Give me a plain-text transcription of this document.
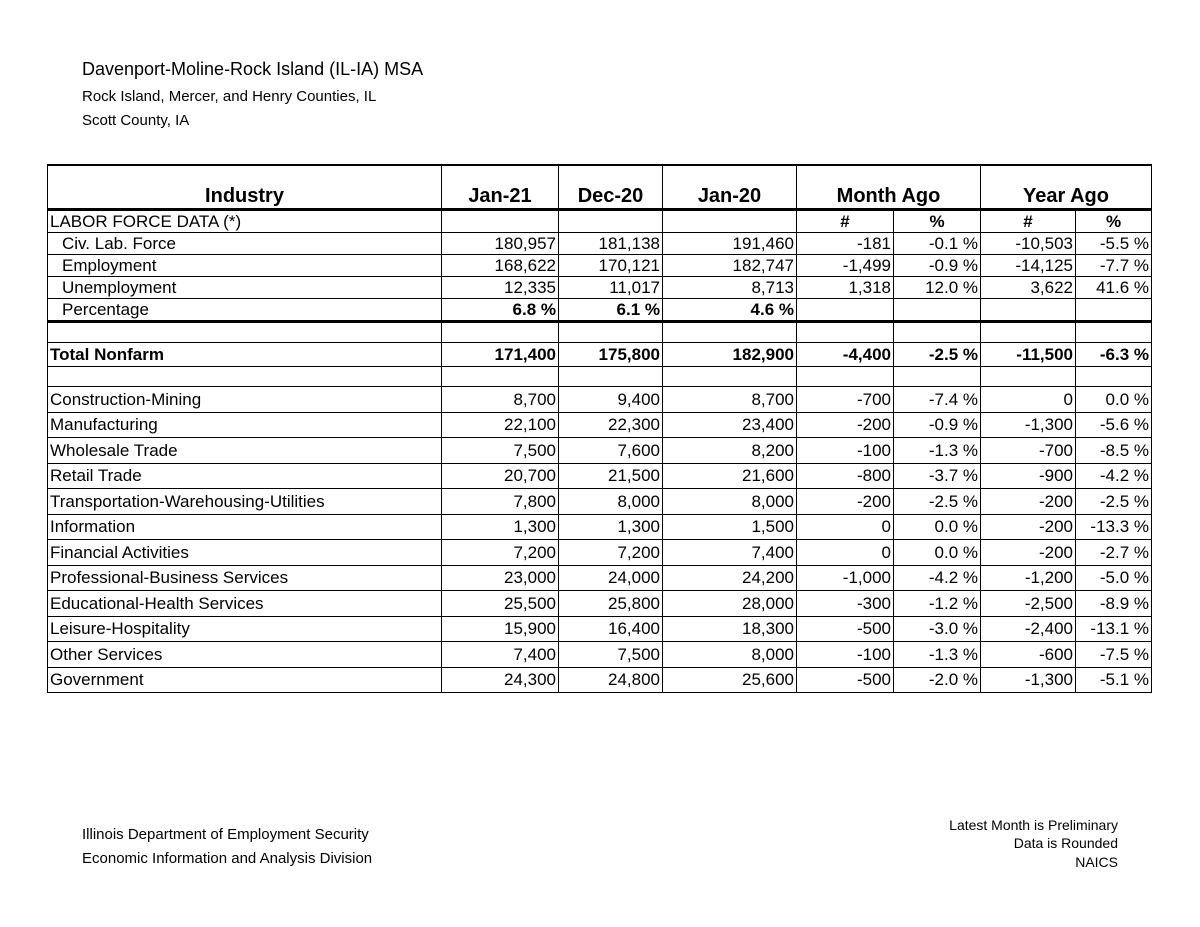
Davenport-Moline-Rock Island (IL-IA) MSA
Rock Island, Mercer, and Henry Counties, IL
Scott County, IA
Industry	Jan-21	Dec-20	Jan-20	Month Ago		Year Ago	
LABOR FORCE DATA (*)				#	%	#	%
Civ. Lab. Force	180,957	181,138	191,460	-181	-0.1 %	-10,503	-5.5 %
Employment	168,622	170,121	182,747	-1,499	-0.9 %	-14,125	-7.7 %
Unemployment	12,335	11,017	8,713	1,318	12.0 %	3,622	41.6 %
Percentage	6.8 %	6.1 %	4.6 %				

Total Nonfarm	171,400	175,800	182,900	-4,400	-2.5 %	-11,500	-6.3 %

Construction-Mining	8,700	9,400	8,700	-700	-7.4 %	0	0.0 %
Manufacturing	22,100	22,300	23,400	-200	-0.9 %	-1,300	-5.6 %
Wholesale Trade	7,500	7,600	8,200	-100	-1.3 %	-700	-8.5 %
Retail Trade	20,700	21,500	21,600	-800	-3.7 %	-900	-4.2 %
Transportation-Warehousing-Utilities	7,800	8,000	8,000	-200	-2.5 %	-200	-2.5 %
Information	1,300	1,300	1,500	0	0.0 %	-200	-13.3 %
Financial Activities	7,200	7,200	7,400	0	0.0 %	-200	-2.7 %
Professional-Business Services	23,000	24,000	24,200	-1,000	-4.2 %	-1,200	-5.0 %
Educational-Health Services	25,500	25,800	28,000	-300	-1.2 %	-2,500	-8.9 %
Leisure-Hospitality	15,900	16,400	18,300	-500	-3.0 %	-2,400	-13.1 %
Other Services	7,400	7,500	8,000	-100	-1.3 %	-600	-7.5 %
Government	24,300	24,800	25,600	-500	-2.0 %	-1,300	-5.1 %
Illinois Department of Employment Security
Economic Information and Analysis Division
Latest Month is Preliminary
Data is Rounded
NAICS
